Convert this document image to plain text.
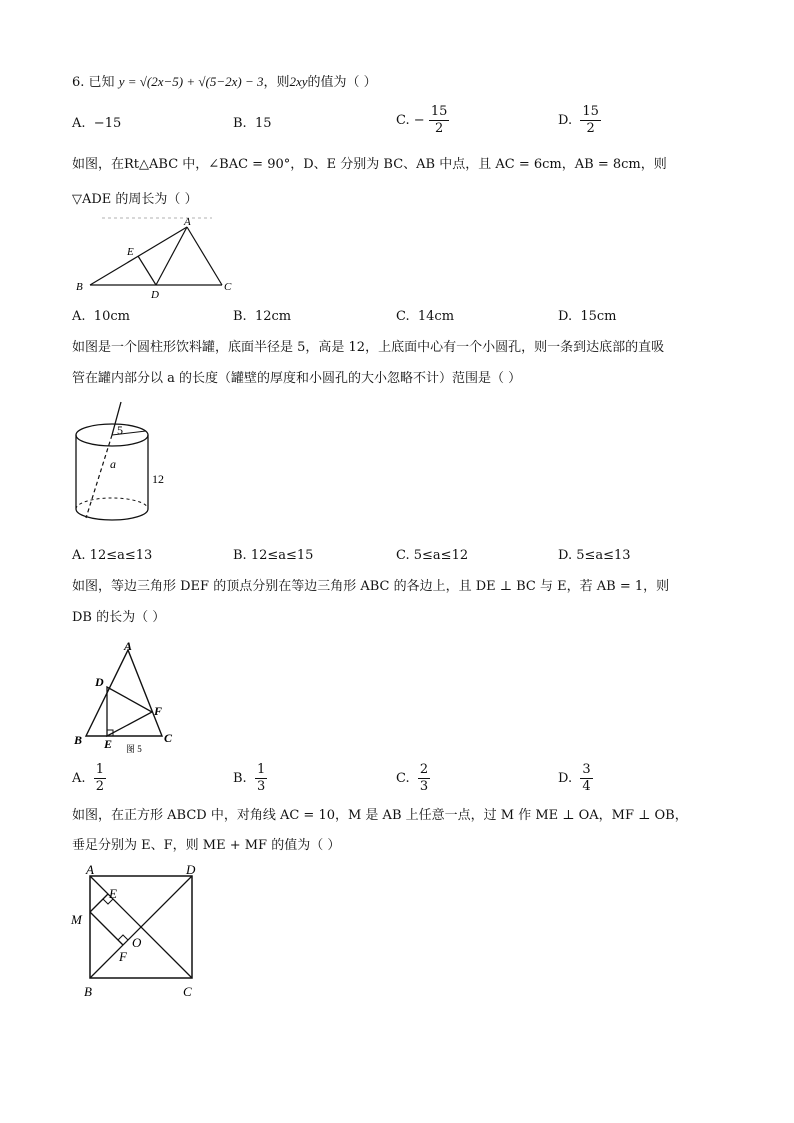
6. 已知 y = √(2x−5) + √(5−2x) − 3，则2xy的值为（ ）
A. −15	B. 15	C. − $\frac{15}{2}$	D. $\frac{15}{2}$
如图，在Rt△ABC 中，∠BAC = 90°，D、E 分别为 BC、AB 中点，且 AC = 6cm，AB = 8cm，则
▽ADE 的周长为（ ）
A
B	C
D
E
A. 10cm	B. 12cm	C. 14cm	D. 15cm
如图是一个圆柱形饮料罐，底面半径是 5，高是 12，上底面中心有一个小圆孔，则一条到达底部的直吸
管在罐内部分以 a 的长度（罐壁的厚度和小圆孔的大小忽略不计）范围是（ ）
5
a
12
A. 12≤a≤13	B. 12≤a≤15	C. 5≤a≤12	D. 5≤a≤13
如图，等边三角形 DEF 的顶点分别在等边三角形 ABC 的各边上，且 DE ⊥ BC 与 E，若 AB = 1，则
DB 的长为（ ）
A
B	C
D
E
F
图 5
A. $\frac{1}{2}$	B. $\frac{1}{3}$	C. $\frac{2}{3}$	D. $\frac{3}{4}$
如图，在正方形 ABCD 中，对角线 AC = 10，M 是 AB 上任意一点，过 M 作 ME ⊥ OA，MF ⊥ OB，
垂足分别为 E、F，则 ME + MF 的值为（ ）
A	D
B	C
M
E
F
O
